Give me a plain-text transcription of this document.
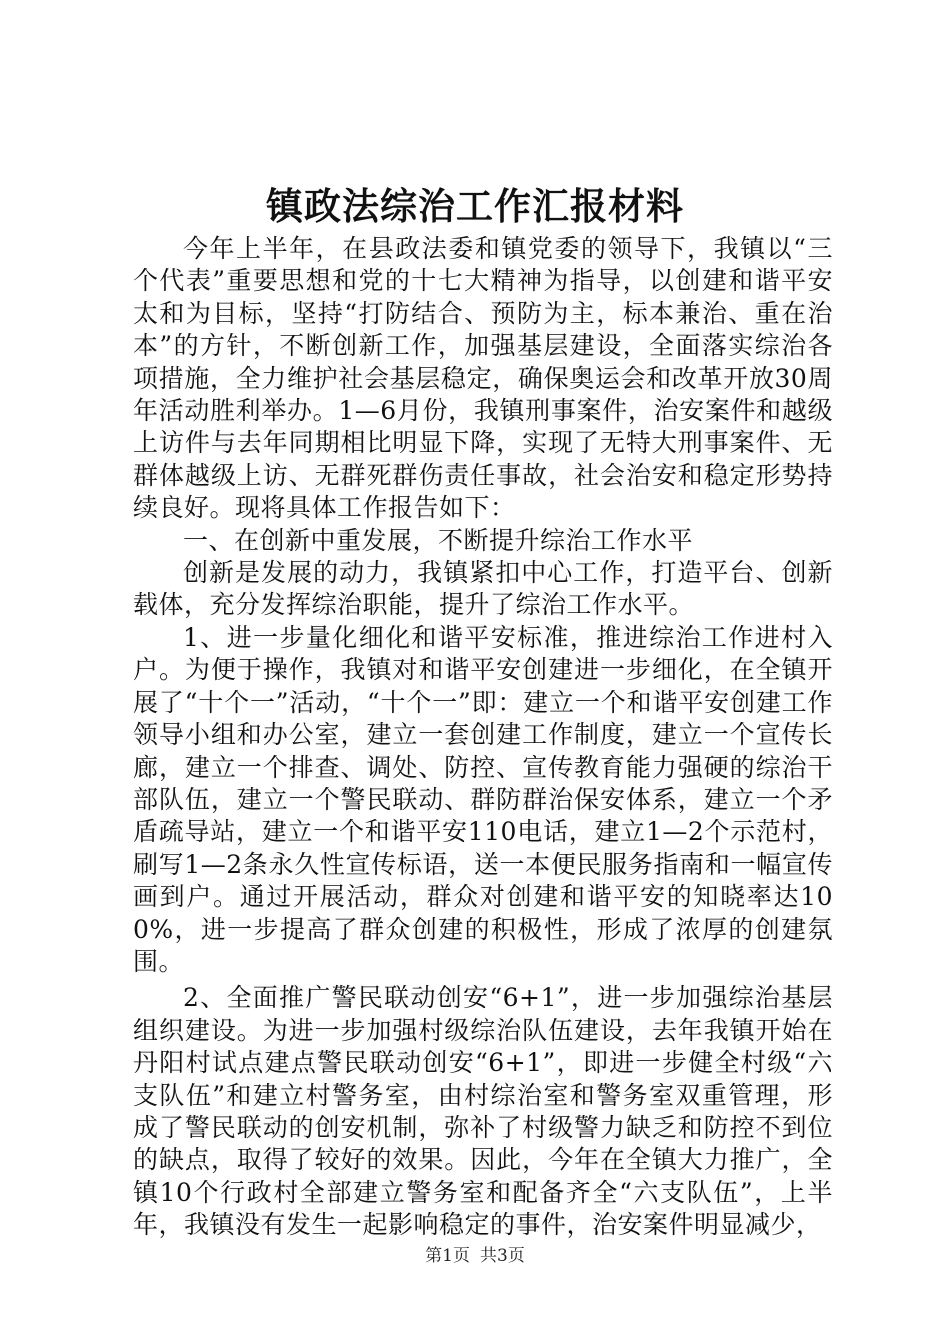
镇政法综治工作汇报材料

今年上半年，在县政法委和镇党委的领导下，我镇以“三个代表”重要思想和党的十七大精神为指导，以创建和谐平安太和为目标，坚持“打防结合、预防为主，标本兼治、重在治本”的方针，不断创新工作，加强基层建设，全面落实综治各项措施，全力维护社会基层稳定，确保奥运会和改革开放30周年活动胜利举办。1—6月份，我镇刑事案件，治安案件和越级上访件与去年同期相比明显下降，实现了无特大刑事案件、无群体越级上访、无群死群伤责任事故，社会治安和稳定形势持续良好。现将具体工作报告如下：

一、在创新中重发展，不断提升综治工作水平

创新是发展的动力，我镇紧扣中心工作，打造平台、创新载体，充分发挥综治职能，提升了综治工作水平。

1、进一步量化细化和谐平安标准，推进综治工作进村入户。为便于操作，我镇对和谐平安创建进一步细化，在全镇开展了“十个一”活动，“十个一”即：建立一个和谐平安创建工作领导小组和办公室，建立一套创建工作制度，建立一个宣传长廊，建立一个排查、调处、防控、宣传教育能力强硬的综治干部队伍，建立一个警民联动、群防群治保安体系，建立一个矛盾疏导站，建立一个和谐平安110电话，建立1—2个示范村，刷写1—2条永久性宣传标语，送一本便民服务指南和一幅宣传画到户。通过开展活动，群众对创建和谐平安的知晓率达100%，进一步提高了群众创建的积极性，形成了浓厚的创建氛围。

2、全面推广警民联动创安“6+1”，进一步加强综治基层组织建设。为进一步加强村级综治队伍建设，去年我镇开始在丹阳村试点建点警民联动创安“6+1”，即进一步健全村级“六支队伍”和建立村警务室，由村综治室和警务室双重管理，形成了警民联动的创安机制，弥补了村级警力缺乏和防控不到位的缺点，取得了较好的效果。因此，今年在全镇大力推广，全镇10个行政村全部建立警务室和配备齐全“六支队伍”，上半年，我镇没有发生一起影响稳定的事件，治安案件明显减少，

第1页 共3页
